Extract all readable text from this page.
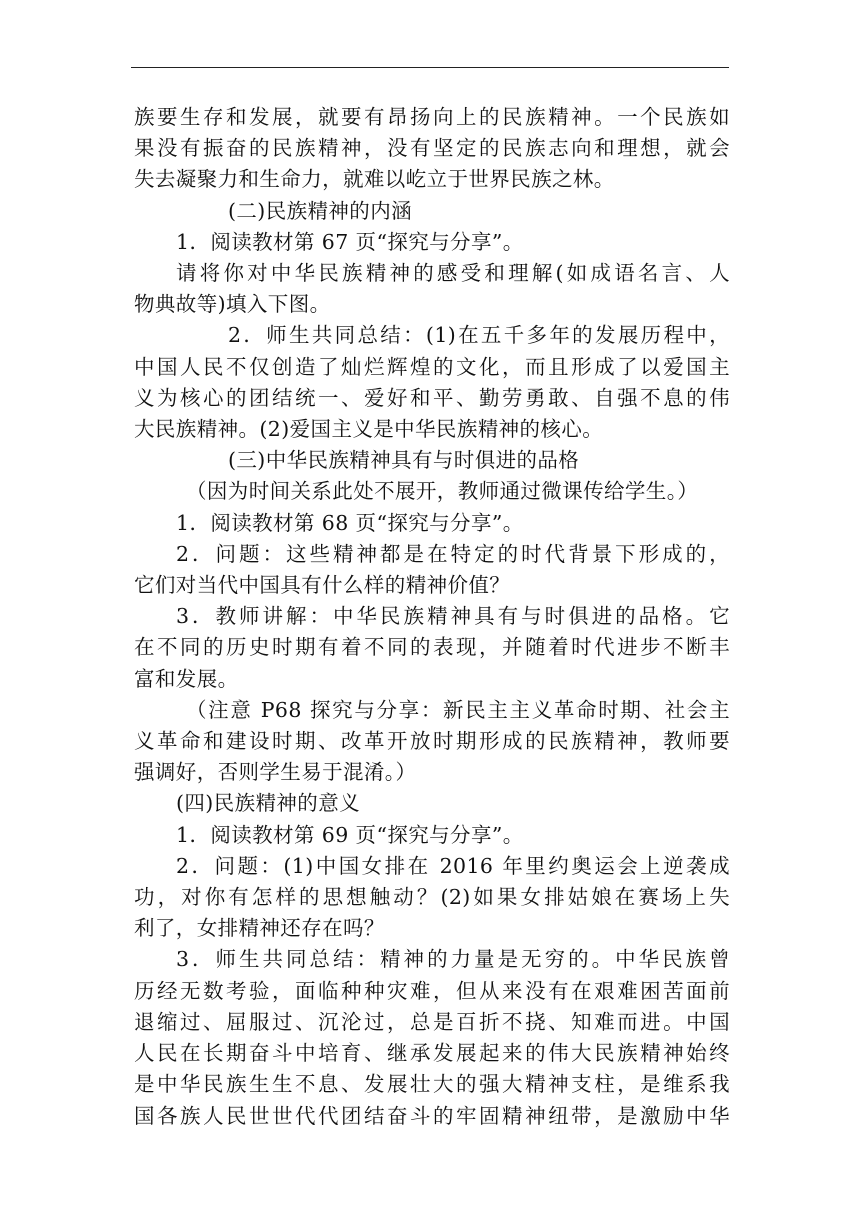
族要生存和发展，就要有昂扬向上的民族精神。一个民族如
果没有振奋的民族精神，没有坚定的民族志向和理想，就会
失去凝聚力和生命力，就难以屹立于世界民族之林。
(二)民族精神的内涵
1．阅读教材第 67 页“探究与分享”。
请将你对中华民族精神的感受和理解(如成语名言、人
物典故等)填入下图。
2．师生共同总结：(1)在五千多年的发展历程中，
中国人民不仅创造了灿烂辉煌的文化，而且形成了以爱国主
义为核心的团结统一、爱好和平、勤劳勇敢、自强不息的伟
大民族精神。(2)爱国主义是中华民族精神的核心。
(三)中华民族精神具有与时俱进的品格
（因为时间关系此处不展开，教师通过微课传给学生。）
1．阅读教材第 68 页“探究与分享”。
2．问题：这些精神都是在特定的时代背景下形成的，
它们对当代中国具有什么样的精神价值？
3．教师讲解：中华民族精神具有与时俱进的品格。它
在不同的历史时期有着不同的表现，并随着时代进步不断丰
富和发展。
（注意 P68 探究与分享：新民主主义革命时期、社会主
义革命和建设时期、改革开放时期形成的民族精神，教师要
强调好，否则学生易于混淆。）
(四)民族精神的意义
1．阅读教材第 69 页“探究与分享”。
2．问题：(1)中国女排在 2016 年里约奥运会上逆袭成
功，对你有怎样的思想触动？(2)如果女排姑娘在赛场上失
利了，女排精神还存在吗？
3．师生共同总结：精神的力量是无穷的。中华民族曾
历经无数考验，面临种种灾难，但从来没有在艰难困苦面前
退缩过、屈服过、沉沦过，总是百折不挠、知难而进。中国
人民在长期奋斗中培育、继承发展起来的伟大民族精神始终
是中华民族生生不息、发展壮大的强大精神支柱，是维系我
国各族人民世世代代团结奋斗的牢固精神纽带，是激励中华
